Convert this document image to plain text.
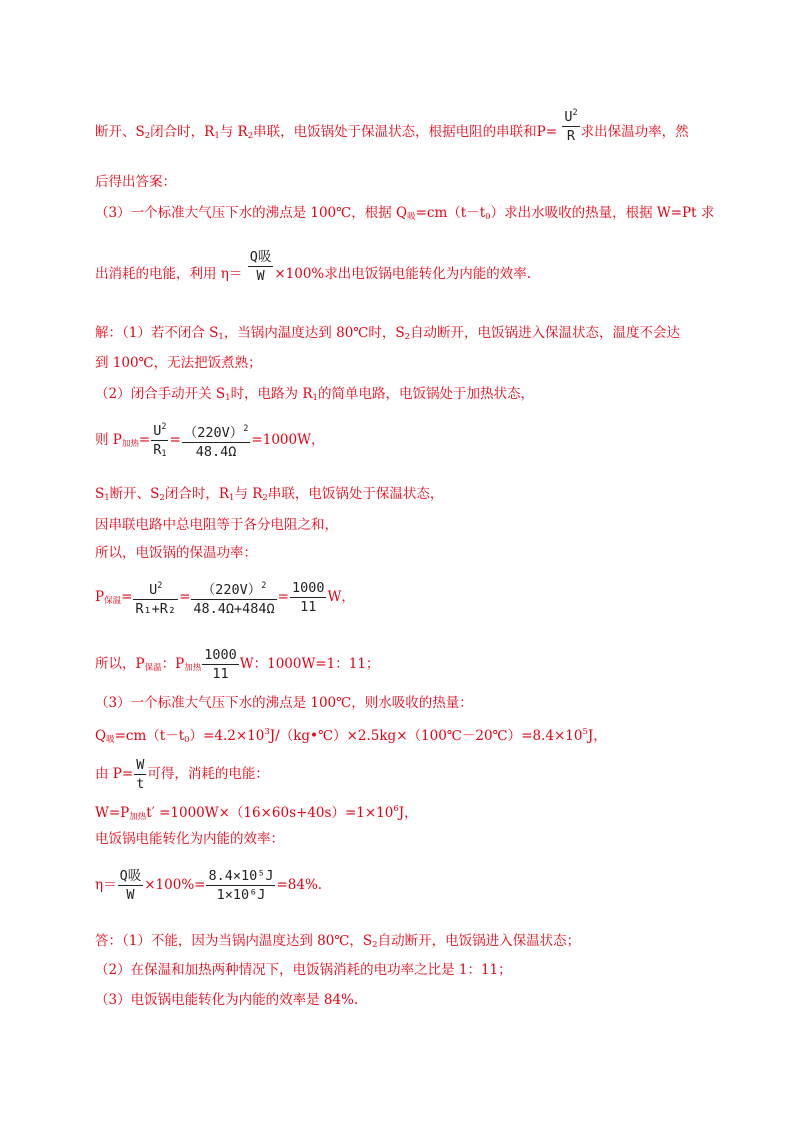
断开、$S_2$闭合时，$R_1$与 $R_2$串联，电饭锅处于保温状态，根据电阻的串联和$P= \frac{U^2}{R}$ 求出保温功率，然
后得出答案：
（3）一个标准大气压下水的沸点是 100℃，根据 $Q_吸=cm(t-t_0)$求出水吸收的热量，根据 W=Pt 求
出消耗的电能，利用 $\eta= \frac{\text{Q吸}}{W} \times 100\%$求出电饭锅电能转化为内能的效率.
解：（1）若不闭合 $S_1$，当锅内温度达到 80℃时，$S_2$自动断开，电饭锅进入保温状态，温度不会达
到 100℃，无法把饭煮熟；
（2）闭合手动开关 $S_1$时，电路为 $R_1$的简单电路，电饭锅处于加热状态，
则 $P_{加热}= \frac{U^2}{R_1} = \frac{(220V)^2}{48.4\Omega} =1000W$，
$S_1$断开、$S_2$闭合时，$R_1$与 $R_2$串联，电饭锅处于保温状态，
因串联电路中总电阻等于各分电阻之和，
所以，电饭锅的保温功率：
$P_{保温}= \frac{U^2}{\text{R₁+R₂}} = \frac{(220V)^2}{48.4\Omega+484\Omega} = \frac{1000}{11}$ W，
所以，$P_{保温}$：$P_{加热} \frac{1000}{11}$ W：1000W=1：11；
（3）一个标准大气压下水的沸点是 100℃，则水吸收的热量：
$Q_吸=cm(t-t_0)=4.2\times 10^3J/(kg•℃)\times 2.5kg\times(100℃-20℃)=8.4\times 10^5J$，
由 $P= \frac{W}{t}$ 可得，消耗的电能：
$W=P_{加热}t' =1000W\times(16\times 60s+40s)=1\times 10^6J$，
电饭锅电能转化为内能的效率：
$\eta= \frac{\text{Q吸}}{W} \times 100\%= \frac{\text{8.4×10⁵J}}{\text{1×10⁶J}} =84\%$.
答：（1）不能，因为当锅内温度达到 80℃，$S_2$自动断开，电饭锅进入保温状态；
（2）在保温和加热两种情况下，电饭锅消耗的电功率之比是 1：11；
（3）电饭锅电能转化为内能的效率是 84%.
